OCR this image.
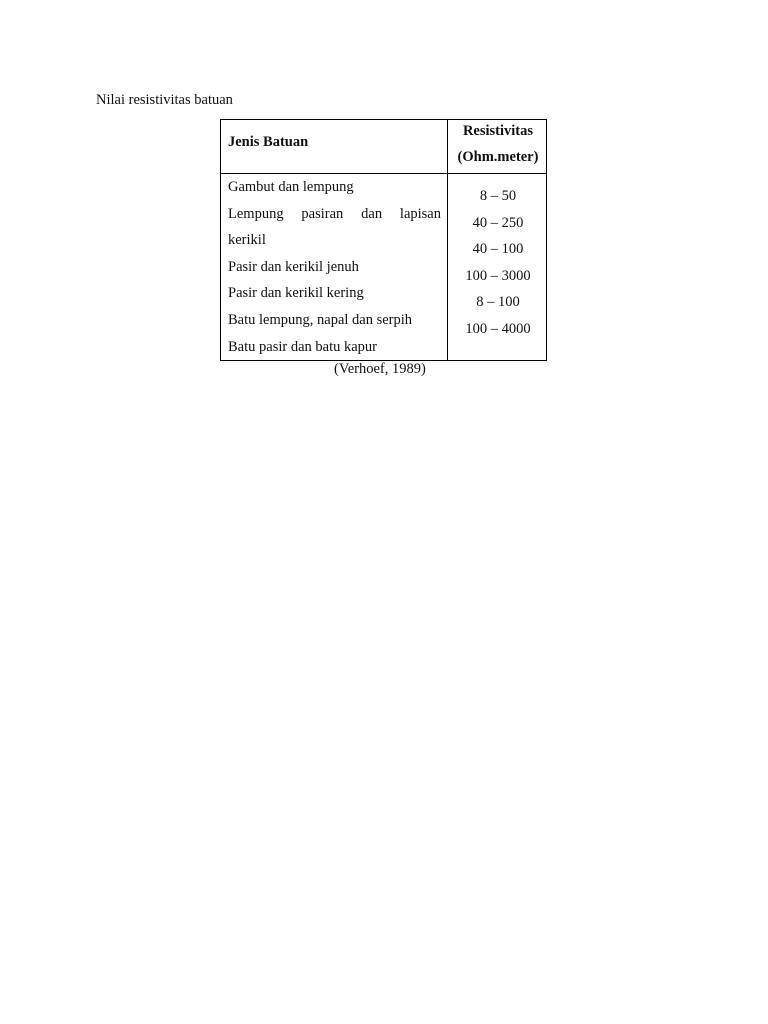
Nilai resistivitas batuan
Jenis Batuan
Resistivitas
(Ohm.meter)
Gambut dan lempung
Lempung pasiran dan lapisan
kerikil
Pasir dan kerikil jenuh
Pasir dan kerikil kering
Batu lempung, napal dan serpih
Batu pasir dan batu kapur
8 – 50
40 – 250
40 – 100
100 – 3000
8 – 100
100 – 4000
(Verhoef, 1989)
